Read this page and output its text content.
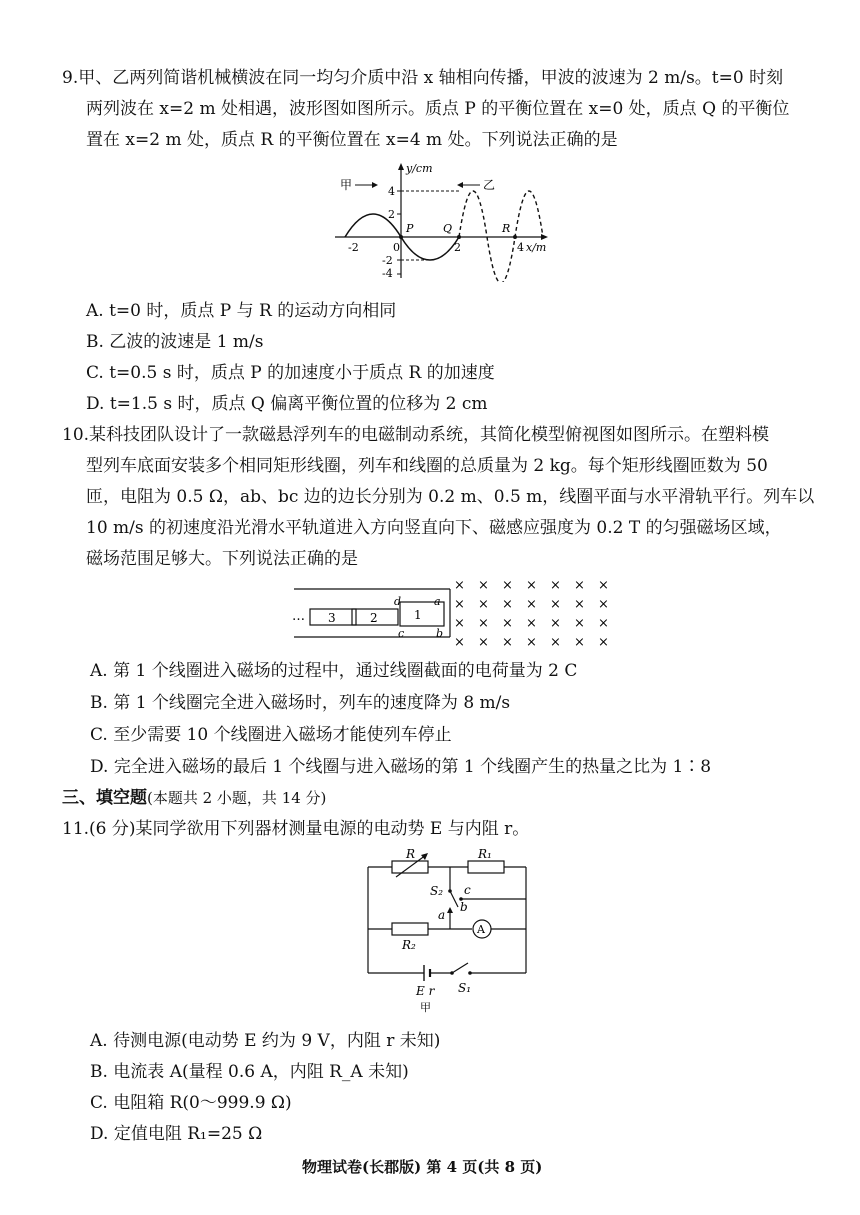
9.甲、乙两列简谐机械横波在同一均匀介质中沿 x 轴相向传播，甲波的波速为 2 m/s。t=0 时刻
两列波在 x=2 m 处相遇，波形图如图所示。质点 P 的平衡位置在 x=0 处，质点 Q 的平衡位
置在 x=2 m 处，质点 R 的平衡位置在 x=4 m 处。下列说法正确的是
甲	乙
y/cm
x/m
4
2
-2
-4
-2	0	2	4
P	Q	R
A. t=0 时，质点 P 与 R 的运动方向相同
B. 乙波的波速是 1 m/s
C. t=0.5 s 时，质点 P 的加速度小于质点 R 的加速度
D. t=1.5 s 时，质点 Q 偏离平衡位置的位移为 2 cm
10.某科技团队设计了一款磁悬浮列车的电磁制动系统，其简化模型俯视图如图所示。在塑料模
型列车底面安装多个相同矩形线圈，列车和线圈的总质量为 2 kg。每个矩形线圈匝数为 50
匝，电阻为 0.5 Ω，ab、bc 边的边长分别为 0.2 m、0.5 m，线圈平面与水平滑轨平行。列车以
10 m/s 的初速度沿光滑水平轨道进入方向竖直向下、磁感应强度为 0.2 T 的匀强磁场区域，
磁场范围足够大。下列说法正确的是
… 3	2	1
d	a
c	b
× × × × × × ×
× × × × × × ×
× × × × × × ×
× × × × × × ×
A. 第 1 个线圈进入磁场的过程中，通过线圈截面的电荷量为 2 C
B. 第 1 个线圈完全进入磁场时，列车的速度降为 8 m/s
C. 至少需要 10 个线圈进入磁场才能使列车停止
D. 完全进入磁场的最后 1 个线圈与进入磁场的第 1 个线圈产生的热量之比为 1∶8
三、填空题(本题共 2 小题，共 14 分)
11.(6 分)某同学欲用下列器材测量电源的电动势 E 与内阻 r。
A
R	R₁
S₂ c
b
a
R₂
S₁
E r
甲
A. 待测电源(电动势 E 约为 9 V，内阻 r 未知)
B. 电流表 A(量程 0.6 A，内阻 R_A 未知)
C. 电阻箱 R(0～999.9 Ω)
D. 定值电阻 R₁=25 Ω
物理试卷(长郡版) 第 4 页(共 8 页)
